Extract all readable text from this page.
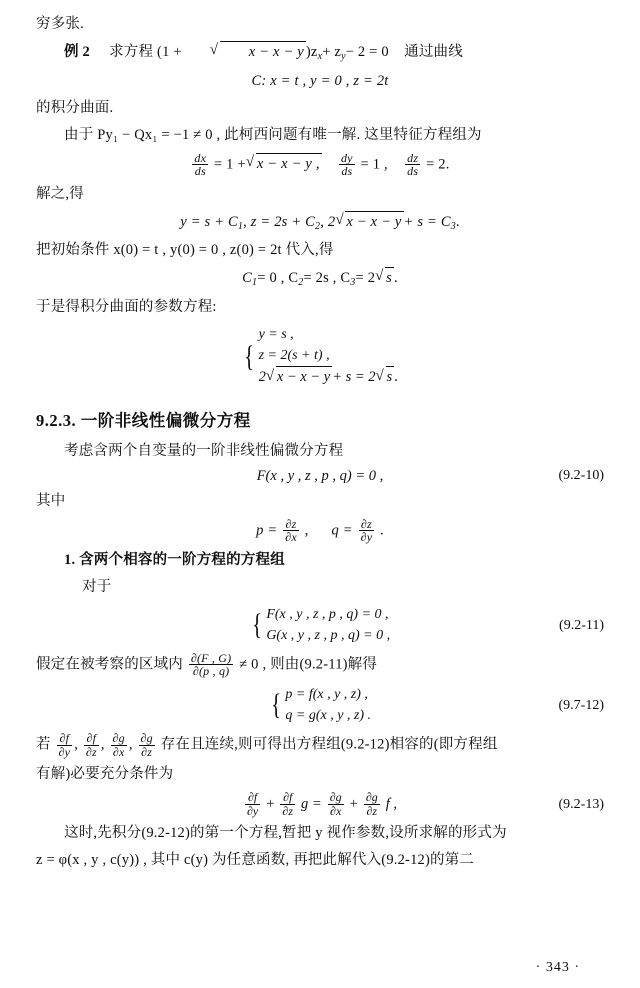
穷多张.

例 2 求方程 (1 +	√ x − x − y )$z_x+ z_y- 2 = 0$ 通过曲线

C: x = t , y = 0 , z = 2t

的积分曲面.

由于 Py₁ − Qx₁ = −1 ≠ 0 , 此柯西问题有唯一解. 这里特征方程组为

$\frac{dx}{ds} = 1$ + √ x − x − y , $\frac{dy}{ds} = 1$ , $\frac{dz}{ds} = 2$.

解之,得

$y = s + C_1$, $z = 2s + C_2$, 2 √ $x - x - y + s = C_3$.

把初始条件 x(0) = t , y(0) = 0 , z(0) = 2t 代入,得

$C_1= 0$ , $C_2= 2s$ , $C_3= 2$ √ s .

于是得积分曲面的参数方程:

{
y = s ,
z = 2(s + t) ,
2 √ x − x − y + s = 2 √ s .
9.2.3. 一阶非线性偏微分方程

考虑含两个自变量的一阶非线性偏微分方程

F(x , y , z , p , q) = 0 ,	(9.2-10)

其中

$p = \frac{\partial z}{\partial x}$ , $q = \frac{\partial z}{\partial y}$ .

1. 含两个相容的一阶方程的方程组

对于

{ F(x , y , z , p , q) = 0 ,
G(x , y , z , p , q) = 0 ,
(9.2-11)

假定在被考察的区域内 $\frac{\partial(F , G)}{\partial(p , q)} \ne 0$ , 则由(9.2-11)解得

{ p = f(x , y , z) ,
q = g(x , y , z) .
(9.7-12)

若 $\frac{\partial f}{\partial y}$ , $\frac{\partial f}{\partial z}$ , $\frac{\partial g}{\partial x}$ , $\frac{\partial g}{\partial z}$ 存在且连续,则可得出方程组(9.2-12)相容的(即方程组

有解)必要充分条件为

$\frac{\partial f}{\partial y} + \frac{\partial f}{\partial z}$ $g = \frac{\partial g}{\partial x} + \frac{\partial g}{\partial z}$ f ,	(9.2-13)

这时,先积分(9.2-12)的第一个方程,暂把 y 视作参数,设所求解的形式为

z = φ(x , y , c(y)) , 其中 c(y) 为任意函数, 再把此解代入(9.2-12)的第二

· 343 ·
